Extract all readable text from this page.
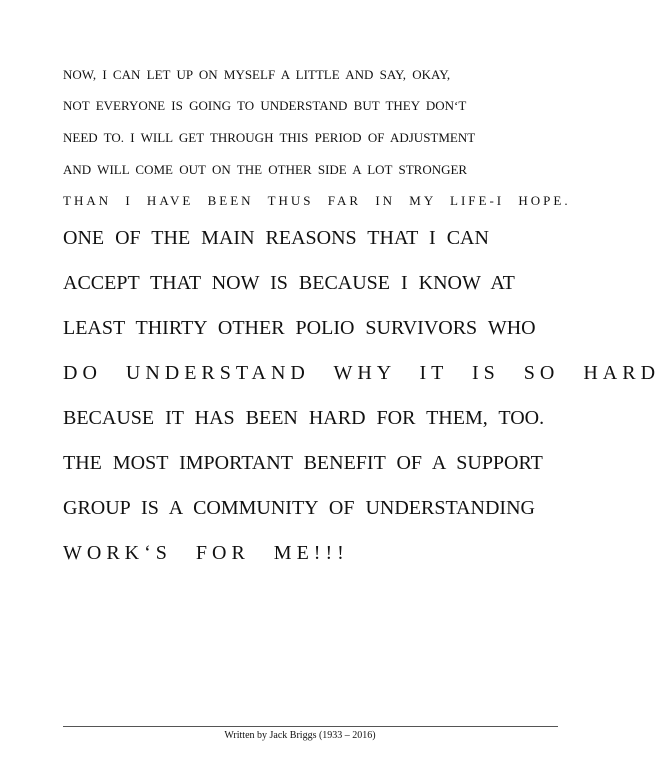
NOW, I CAN LET UP ON MYSELF A LITTLE AND SAY, OKAY,
NOT EVERYONE IS GOING TO UNDERSTAND BUT THEY DON‘T
NEED TO. I WILL GET THROUGH THIS PERIOD OF ADJUSTMENT
AND WILL COME OUT ON THE OTHER SIDE A LOT STRONGER
THAN I HAVE BEEN THUS FAR IN MY LIFE-I HOPE.
ONE OF THE MAIN REASONS THAT I CAN
ACCEPT THAT NOW IS BECAUSE I KNOW AT
LEAST THIRTY OTHER POLIO SURVIVORS WHO
DO UNDERSTAND WHY IT IS SO HARD
BECAUSE IT HAS BEEN HARD FOR THEM, TOO.
THE MOST IMPORTANT BENEFIT OF A SUPPORT
GROUP IS A COMMUNITY OF UNDERSTANDING
WORK‘S FOR ME!!!
Written by Jack Briggs (1933 – 2016)
